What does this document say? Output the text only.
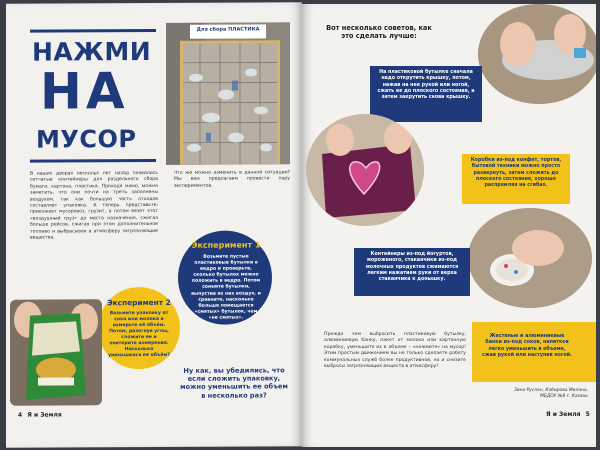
НАЖМИ
НА
МУСОР
Для сбора ПЛАСТИКА
В наших дворах нескольк лет назад появились сетчатые контейнеры для раздельного сбора бумаги, картона, пластика. Проходя мимо, можно заметить, что они почти на треть заполнены воздухом, так как большую часть отходов составляет упаковка. А теперь представьте: приезжает мусоровоз, грузит, а потом везет этот «воздушный груз» до места назначения, сжигая больше рейсов, сжигая при этом дополнительное топливо и выбрасывая в атмосферу загрязняющие вещества.
Что же можно изменить в данной ситуации? Мы вам предлагаем провести пару экспериментов.
Эксперимент 1
Возьмите пустые пластиковые бутылки в ведро и проверьте, сколько бутылок можно положить в ведро. Потом сомните бутылки, выпустив из них воздух, и сравните, насколько больше помещается «смятых» бутылок, чем «не смятых».
Эксперимент 2
Возьмите упаковку от сока или молока и измерьте её объём. Потом, разогнув углы, сложите ее и повторите измерения. Насколько уменьшился ее объём?
Ну как, вы убедились, что если сложить упаковку, можно уменьшить ее объем в несколько раз?
4 Я и Земля
Вот несколько советов, как это сделать лучше:
На пластиковой бутылке сначала надо открутить крышку, потом, нажав на нее рукой или ногой, сжать ее до плоского состояния, а затем закрутить снова крышку.
Коробки из-под конфет, тортов, бытовой техники можно просто развернуть, затем сложить до плоского состояния, хорошо распрямляя на сгибах.
Контейнеры из-под йогуртов, мороженого, стаканчики из-под молочных продуктов сжимаются легким нажатием руки от верха стаканчика к донышку.
Жестяные и алюминиевые банки из-под соков, напитков легко уменьшить в объеме, сжав рукой или наступив ногой.
Прежде чем выбросить пластиковую бутылку, алюминиевую банку, пакет от молока или картонную коробку, уменьшите их в объеме – «нажмите» на мусор! Этим простым движением вы не только сделаете работу коммунальных служб более продуктивной, но и снизите выбросы загрязняющих веществ в атмосферу!
Зина Руслан, Кабирова Милана,
МБДОУ №8 г. Казань
Я и Земля 5
